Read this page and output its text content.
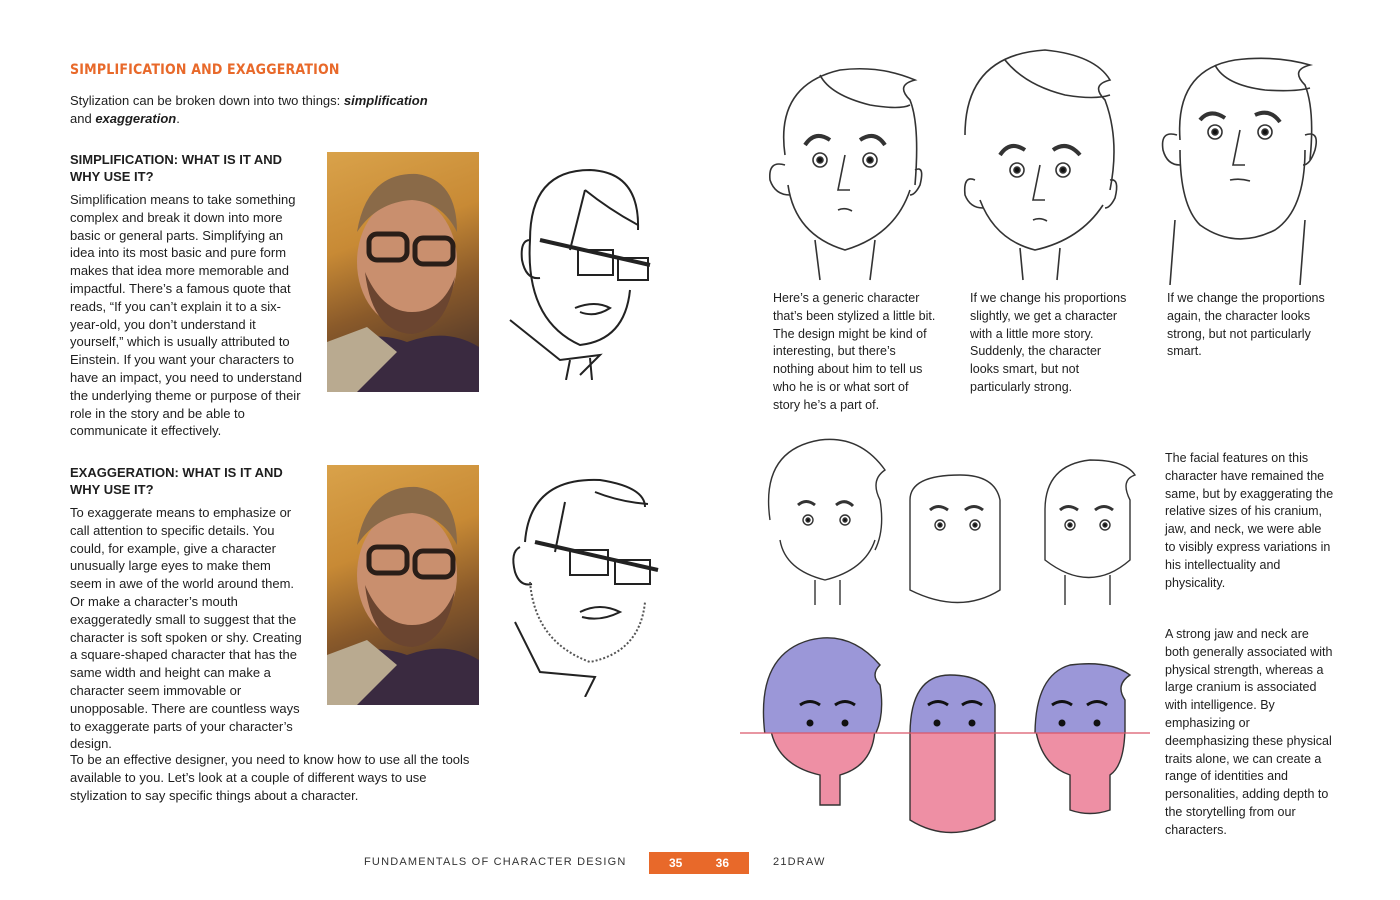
SIMPLIFICATION AND EXAGGERATION
Stylization can be broken down into two things: simplification and exaggeration.
SIMPLIFICATION: WHAT IS IT AND WHY USE IT?
Simplification means to take something complex and break it down into more basic or general parts. Simplifying an idea into its most basic and pure form makes that idea more memorable and impactful. There’s a famous quote that reads, “If you can’t explain it to a six-year-old, you don’t understand it yourself,” which is usually attributed to Einstein. If you want your characters to have an impact, you need to understand the underlying theme or purpose of their role in the story and be able to communicate it effectively.
EXAGGERATION: WHAT IS IT AND WHY USE IT?
To exaggerate means to emphasize or call attention to specific details. You could, for example, give a character unusually large eyes to make them seem in awe of the world around them. Or make a character’s mouth exaggeratedly small to suggest that the character is soft spoken or shy. Creating a square-shaped character that has the same width and height can make a character seem immovable or unopposable. There are countless ways to exaggerate parts of your character’s design.
To be an effective designer, you need to know how to use all the tools available to you. Let’s look at a couple of different ways to use stylization to say specific things about a character.
Here’s a generic character that’s been stylized a little bit. The design might be kind of interesting, but there’s nothing about him to tell us who he is or what sort of story he’s a part of.
If we change his proportions slightly, we get a character with a little more story. Suddenly, the character looks smart, but not particularly strong.
If we change the proportions again, the character looks strong, but not particularly smart.
The facial features on this character have remained the same, but by exaggerating the relative sizes of his cranium, jaw, and neck, we were able to visibly express variations in his intellectuality and physicality.
A strong jaw and neck are both generally associated with physical strength, whereas a large cranium is associated with intelligence. By emphasizing or deemphasizing these physical traits alone, we can create a range of identities and personalities, adding depth to the storytelling from our characters.
FUNDAMENTALS OF CHARACTER DESIGN	35	36	21DRAW
